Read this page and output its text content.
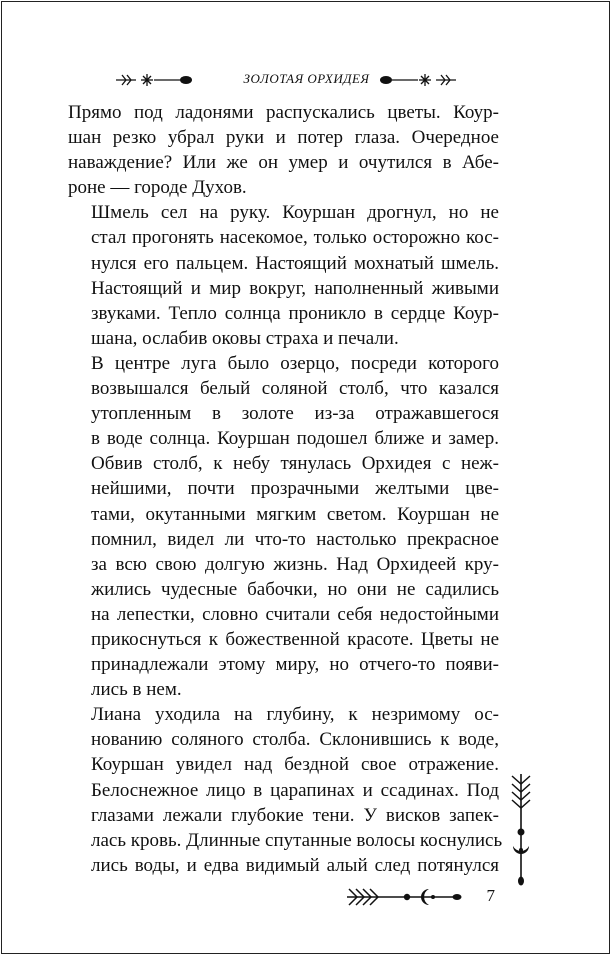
ЗОЛОТАЯ ОРХИДЕЯ

Прямо под ладонями распускались цветы. Коур-
шан резко убрал руки и потер глаза. Очередное
наваждение? Или же он умер и очутился в Абе-
роне — городе Духов.

Шмель сел на руку. Коуршан дрогнул, но не
стал прогонять насекомое, только осторожно кос-
нулся его пальцем. Настоящий мохнатый шмель.
Настоящий и мир вокруг, наполненный живыми
звуками. Тепло солнца проникло в сердце Коур-
шана, ослабив оковы страха и печали.

В центре луга было озерцо, посреди которого
возвышался белый соляной столб, что казался
утопленным в золоте из-за отражавшегося
в воде солнца. Коуршан подошел ближе и замер.
Обвив столб, к небу тянулась Орхидея с неж-
нейшими, почти прозрачными желтыми цве-
тами, окутанными мягким светом. Коуршан не
помнил, видел ли что-то настолько прекрасное
за всю свою долгую жизнь. Над Орхидеей кру-
жились чудесные бабочки, но они не садились
на лепестки, словно считали себя недостойными
прикоснуться к божественной красоте. Цветы не
принадлежали этому миру, но отчего-то появи-
лись в нем.

Лиана уходила на глубину, к незримому ос-
нованию соляного столба. Склонившись к воде,
Коуршан увидел над бездной свое отражение.
Белоснежное лицо в царапинах и ссадинах. Под
глазами лежали глубокие тени. У висков запек-
лась кровь. Длинные спутанные волосы коснулись
лись воды, и едва видимый алый след потянулся

7
